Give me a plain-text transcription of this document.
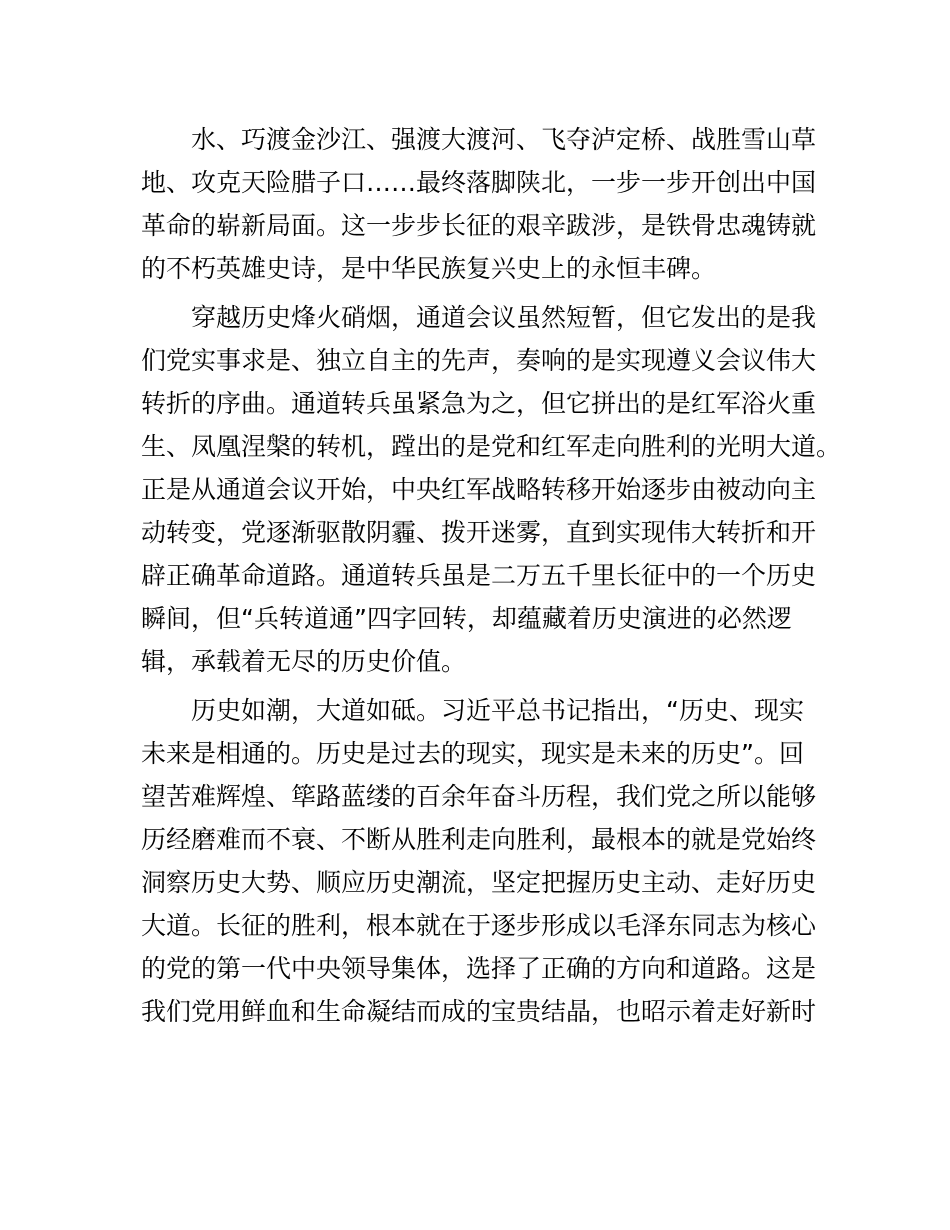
水、巧渡金沙江、强渡大渡河、飞夺泸定桥、战胜雪山草
地、攻克天险腊子口……最终落脚陕北，一步一步开创出中国
革命的崭新局面。这一步步长征的艰辛跋涉，是铁骨忠魂铸就
的不朽英雄史诗，是中华民族复兴史上的永恒丰碑。
穿越历史烽火硝烟，通道会议虽然短暂，但它发出的是我
们党实事求是、独立自主的先声，奏响的是实现遵义会议伟大
转折的序曲。通道转兵虽紧急为之，但它拼出的是红军浴火重
生、凤凰涅槃的转机，蹚出的是党和红军走向胜利的光明大道。
正是从通道会议开始，中央红军战略转移开始逐步由被动向主
动转变，党逐渐驱散阴霾、拨开迷雾，直到实现伟大转折和开
辟正确革命道路。通道转兵虽是二万五千里长征中的一个历史
瞬间，但“兵转道通”四字回转，却蕴藏着历史演进的必然逻
辑，承载着无尽的历史价值。
历史如潮，大道如砥。习近平总书记指出，“历史、现实
未来是相通的。历史是过去的现实，现实是未来的历史”。回
望苦难辉煌、筚路蓝缕的百余年奋斗历程，我们党之所以能够
历经磨难而不衰、不断从胜利走向胜利，最根本的就是党始终
洞察历史大势、顺应历史潮流，坚定把握历史主动、走好历史
大道。长征的胜利，根本就在于逐步形成以毛泽东同志为核心
的党的第一代中央领导集体，选择了正确的方向和道路。这是
我们党用鲜血和生命凝结而成的宝贵结晶，也昭示着走好新时
